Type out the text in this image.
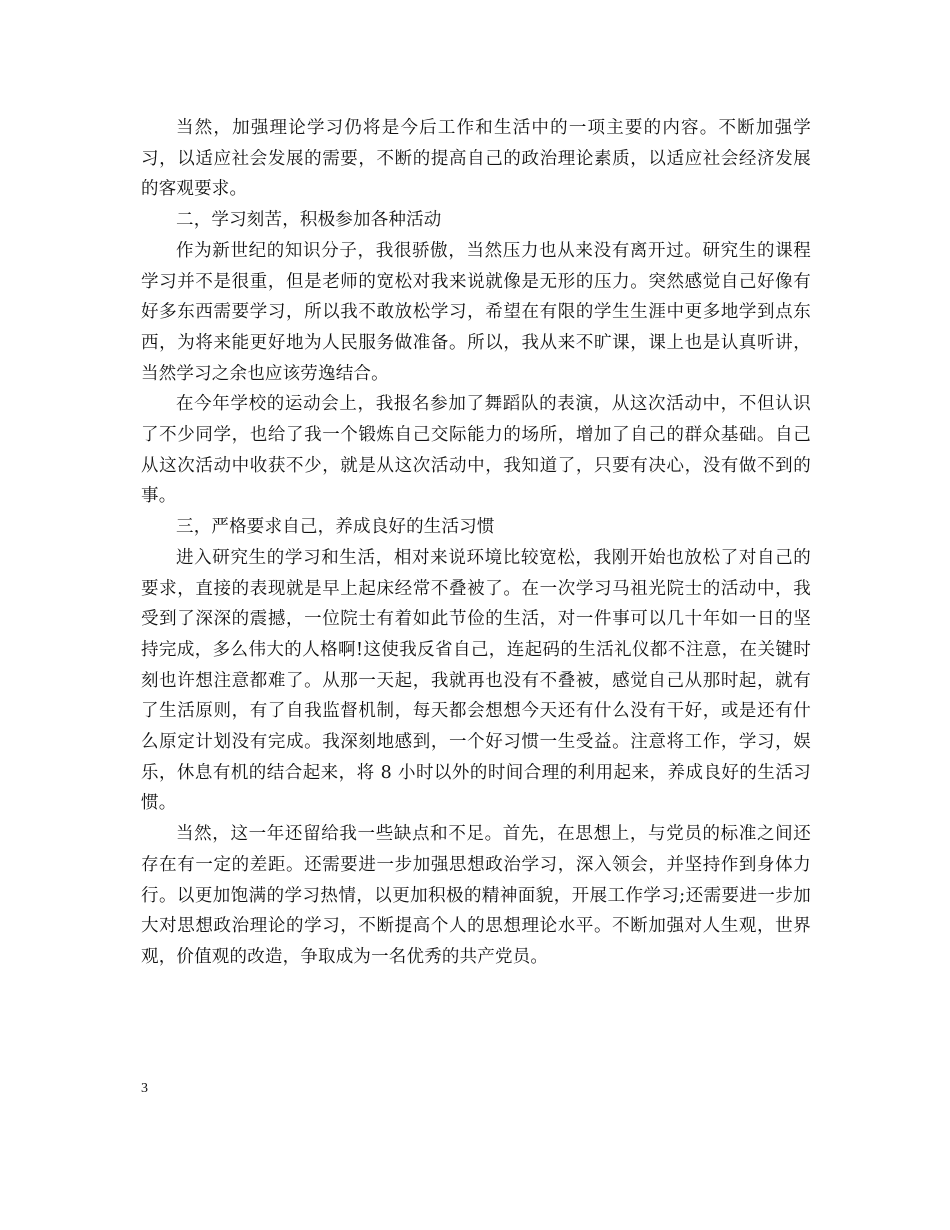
当然，加强理论学习仍将是今后工作和生活中的一项主要的内容。不断加强学习，以适应社会发展的需要，不断的提高自己的政治理论素质，以适应社会经济发展的客观要求。

二，学习刻苦，积极参加各种活动

作为新世纪的知识分子，我很骄傲，当然压力也从来没有离开过。研究生的课程学习并不是很重，但是老师的宽松对我来说就像是无形的压力。突然感觉自己好像有好多东西需要学习，所以我不敢放松学习，希望在有限的学生生涯中更多地学到点东西，为将来能更好地为人民服务做准备。所以，我从来不旷课，课上也是认真听讲，当然学习之余也应该劳逸结合。

在今年学校的运动会上，我报名参加了舞蹈队的表演，从这次活动中，不但认识了不少同学，也给了我一个锻炼自己交际能力的场所，增加了自己的群众基础。自己从这次活动中收获不少，就是从这次活动中，我知道了，只要有决心，没有做不到的事。

三，严格要求自己，养成良好的生活习惯

进入研究生的学习和生活，相对来说环境比较宽松，我刚开始也放松了对自己的要求，直接的表现就是早上起床经常不叠被了。在一次学习马祖光院士的活动中，我受到了深深的震撼，一位院士有着如此节俭的生活，对一件事可以几十年如一日的坚持完成，多么伟大的人格啊!这使我反省自己，连起码的生活礼仪都不注意，在关键时刻也许想注意都难了。从那一天起，我就再也没有不叠被，感觉自己从那时起，就有了生活原则，有了自我监督机制，每天都会想想今天还有什么没有干好，或是还有什么原定计划没有完成。我深刻地感到，一个好习惯一生受益。注意将工作，学习，娱乐，休息有机的结合起来，将 8 小时以外的时间合理的利用起来，养成良好的生活习惯。

当然，这一年还留给我一些缺点和不足。首先，在思想上，与党员的标准之间还存在有一定的差距。还需要进一步加强思想政治学习，深入领会，并坚持作到身体力行。以更加饱满的学习热情，以更加积极的精神面貌，开展工作学习;还需要进一步加大对思想政治理论的学习，不断提高个人的思想理论水平。不断加强对人生观，世界观，价值观的改造，争取成为一名优秀的共产党员。

3
